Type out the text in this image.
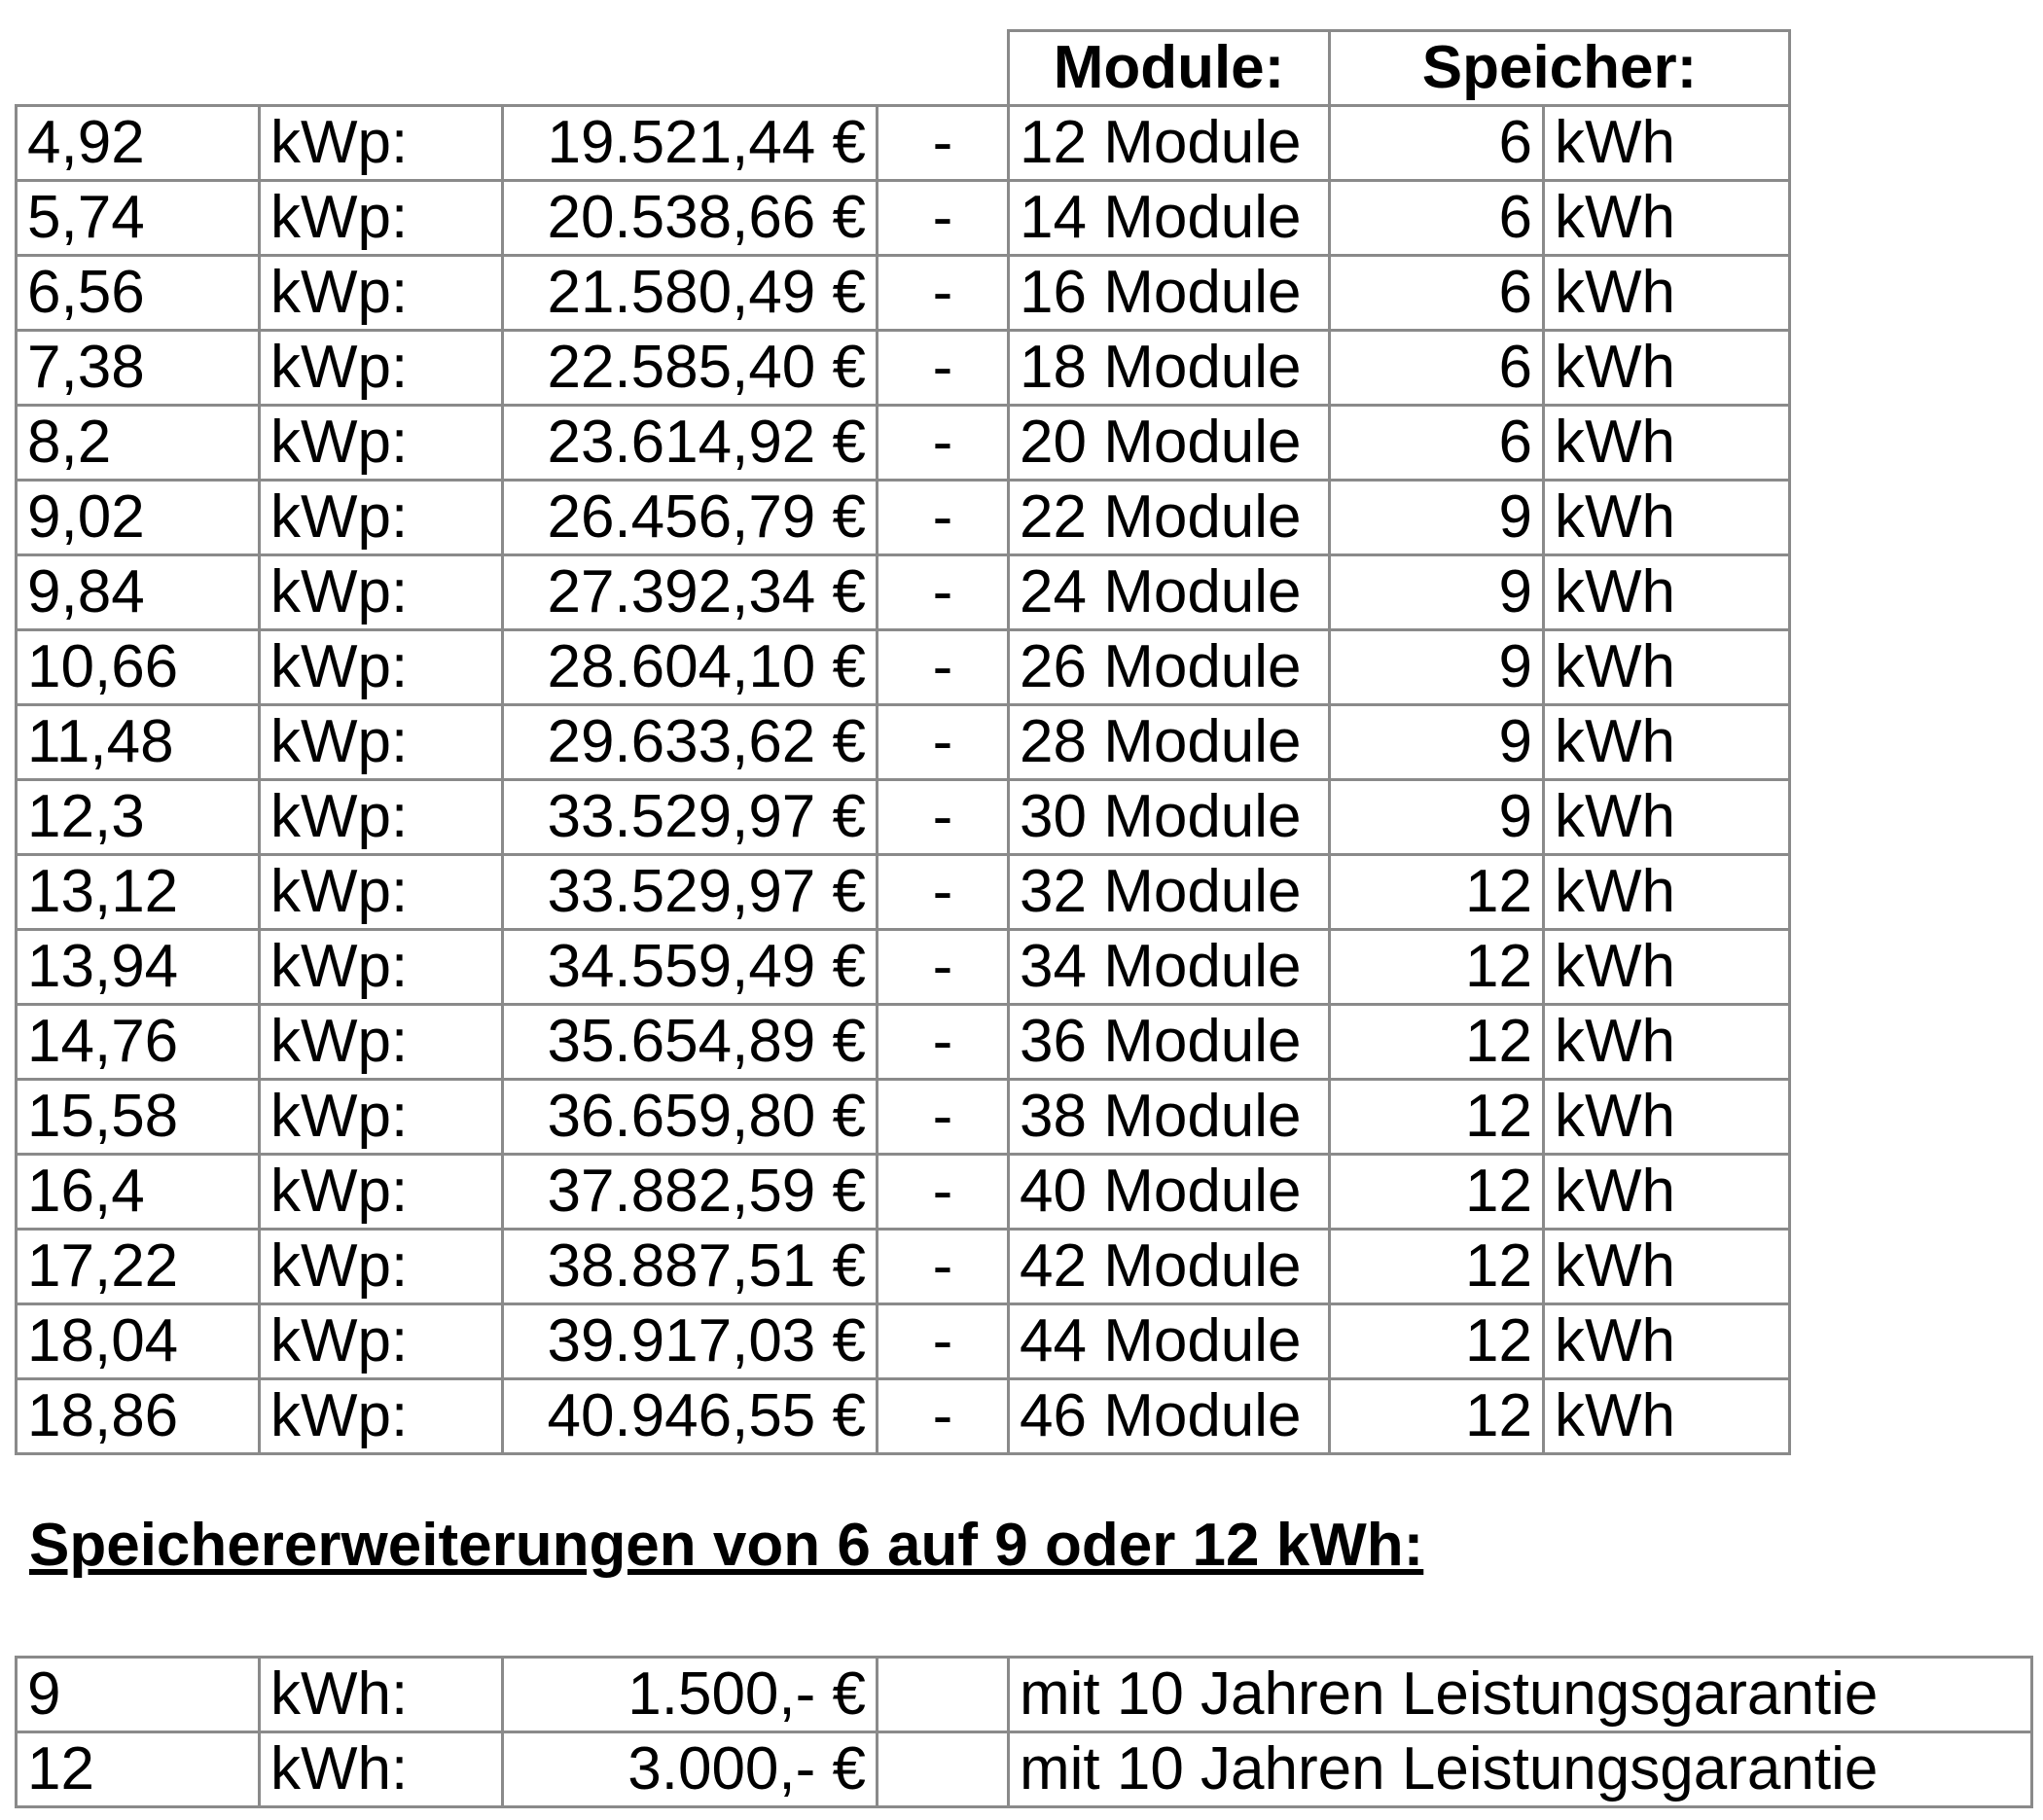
				Module:	Speicher:	
4,92	kWp:	19.521,44 €	-	12 Module	6	kWh
5,74	kWp:	20.538,66 €	-	14 Module	6	kWh
6,56	kWp:	21.580,49 €	-	16 Module	6	kWh
7,38	kWp:	22.585,40 €	-	18 Module	6	kWh
8,2	kWp:	23.614,92 €	-	20 Module	6	kWh
9,02	kWp:	26.456,79 €	-	22 Module	9	kWh
9,84	kWp:	27.392,34 €	-	24 Module	9	kWh
10,66	kWp:	28.604,10 €	-	26 Module	9	kWh
11,48	kWp:	29.633,62 €	-	28 Module	9	kWh
12,3	kWp:	33.529,97 €	-	30 Module	9	kWh
13,12	kWp:	33.529,97 €	-	32 Module	12	kWh
13,94	kWp:	34.559,49 €	-	34 Module	12	kWh
14,76	kWp:	35.654,89 €	-	36 Module	12	kWh
15,58	kWp:	36.659,80 €	-	38 Module	12	kWh
16,4	kWp:	37.882,59 €	-	40 Module	12	kWh
17,22	kWp:	38.887,51 €	-	42 Module	12	kWh
18,04	kWp:	39.917,03 €	-	44 Module	12	kWh
18,86	kWp:	40.946,55 €	-	46 Module	12	kWh
Speichererweiterungen von 6 auf 9 oder 12 kWh:
9	kWh:	1.500,- €		mit 10 Jahren Leistungsgarantie
12	kWh:	3.000,- €		mit 10 Jahren Leistungsgarantie
